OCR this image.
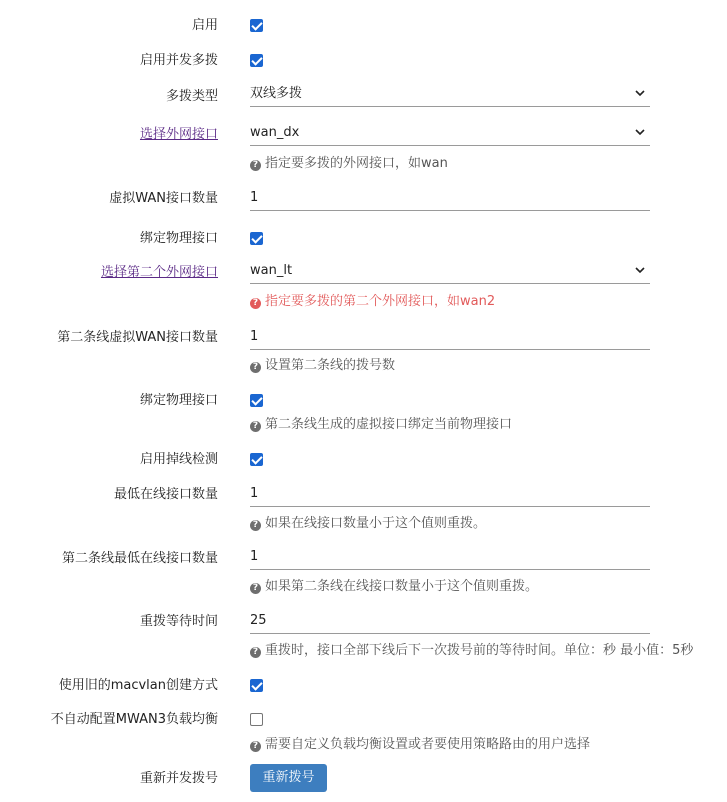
启用
启用并发多拨
多拨类型 双线多拨
选择外网接口 wan_dx
? 指定要多拨的外网接口，如wan
虚拟WAN接口数量 1
绑定物理接口
选择第二个外网接口 wan_lt
? 指定要多拨的第二个外网接口，如wan2
第二条线虚拟WAN接口数量 1
? 设置第二条线的拨号数
绑定物理接口
? 第二条线生成的虚拟接口绑定当前物理接口
启用掉线检测
最低在线接口数量 1
? 如果在线接口数量小于这个值则重拨。
第二条线最低在线接口数量 1
? 如果第二条线在线接口数量小于这个值则重拨。
重拨等待时间 25
? 重拨时，接口全部下线后下一次拨号前的等待时间。单位：秒 最小值：5秒
使用旧的macvlan创建方式
不自动配置MWAN3负载均衡
? 需要自定义负载均衡设置或者要使用策略路由的用户选择
重新并发拨号	重新拨号
